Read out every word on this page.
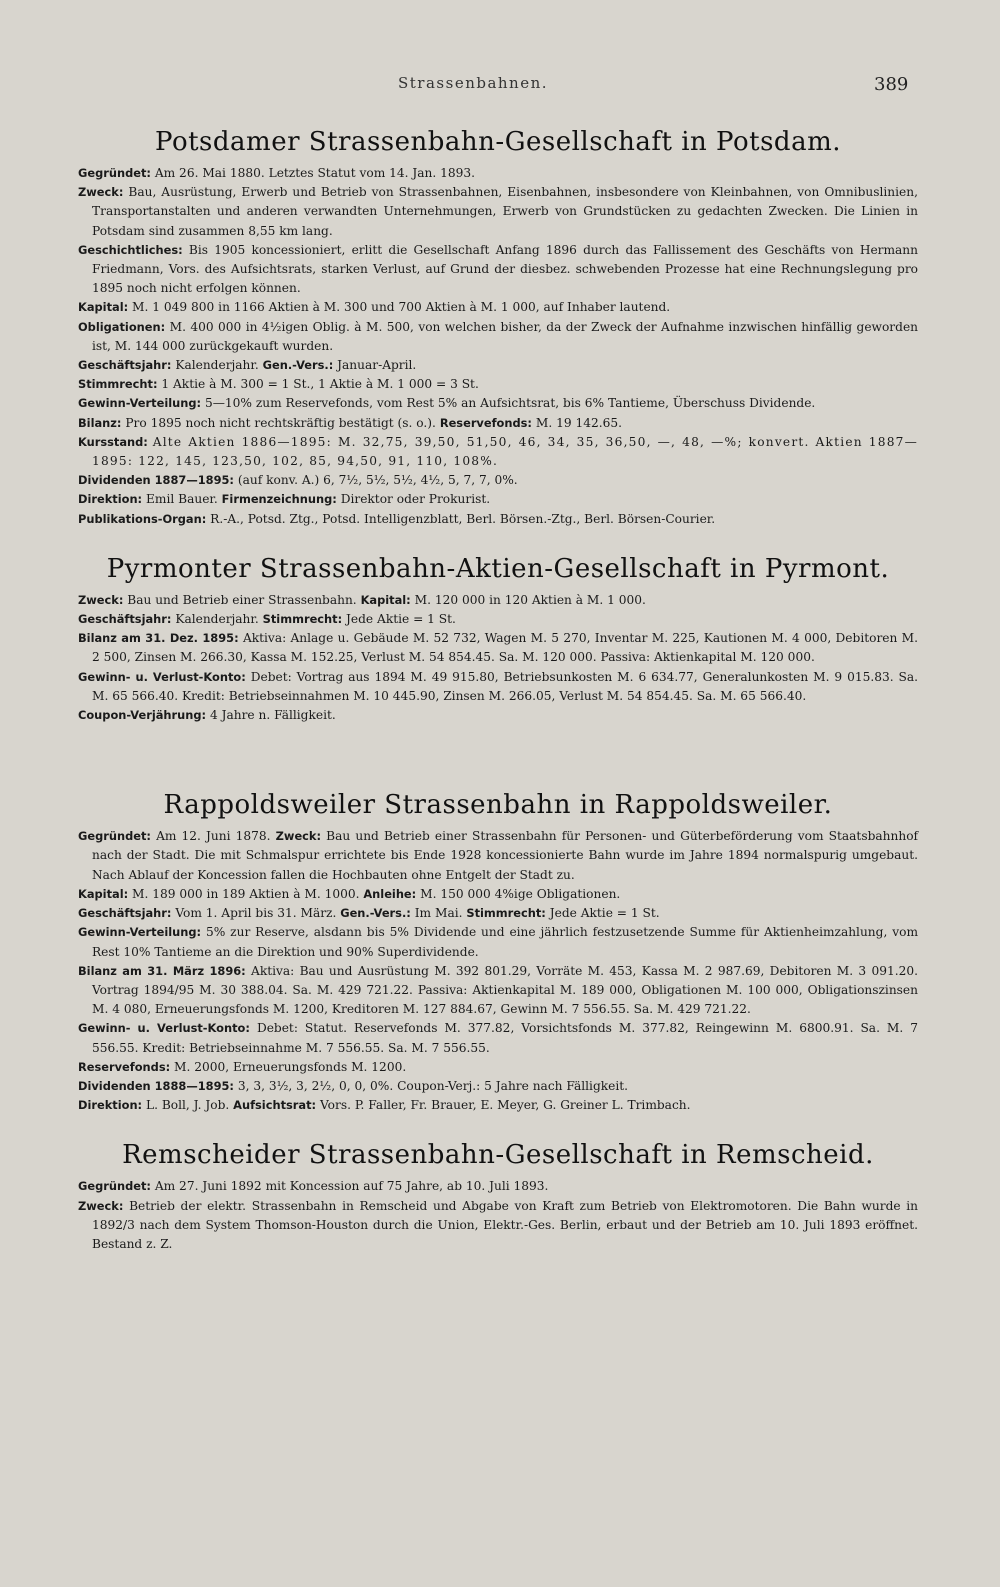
Strassenbahnen.	389
Potsdamer Strassenbahn-Gesellschaft in Potsdam.

Gegründet: Am 26. Mai 1880. Letztes Statut vom 14. Jan. 1893.

Zweck: Bau, Ausrüstung, Erwerb und Betrieb von Strassenbahnen, Eisenbahnen, insbesondere von Kleinbahnen, von Omnibuslinien, Transportanstalten und anderen verwandten Unternehmungen, Erwerb von Grundstücken zu gedachten Zwecken. Die Linien in Potsdam sind zusammen 8,55 km lang.

Geschichtliches: Bis 1905 koncessioniert, erlitt die Gesellschaft Anfang 1896 durch das Fallissement des Geschäfts von Hermann Friedmann, Vors. des Aufsichtsrats, starken Verlust, auf Grund der diesbez. schwebenden Prozesse hat eine Rechnungslegung pro 1895 noch nicht erfolgen können.

Kapital: M. 1 049 800 in 1166 Aktien à M. 300 und 700 Aktien à M. 1 000, auf Inhaber lautend.

Obligationen: M. 400 000 in 4½igen Oblig. à M. 500, von welchen bisher, da der Zweck der Aufnahme inzwischen hinfällig geworden ist, M. 144 000 zurückgekauft wurden.

Geschäftsjahr: Kalenderjahr. Gen.-Vers.: Januar-April.

Stimmrecht: 1 Aktie à M. 300 = 1 St., 1 Aktie à M. 1 000 = 3 St.

Gewinn-Verteilung: 5—10% zum Reservefonds, vom Rest 5% an Aufsichtsrat, bis 6% Tantieme, Überschuss Dividende.

Bilanz: Pro 1895 noch nicht rechtskräftig bestätigt (s. o.). Reservefonds: M. 19 142.65.

Kursstand: Alte Aktien 1886—1895: M. 32,75, 39,50, 51,50, 46, 34, 35, 36,50, —, 48, —%; konvert. Aktien 1887—1895: 122, 145, 123,50, 102, 85, 94,50, 91, 110, 108%.

Dividenden 1887—1895: (auf konv. A.) 6, 7½, 5½, 5½, 4½, 5, 7, 7, 0%.

Direktion: Emil Bauer. Firmenzeichnung: Direktor oder Prokurist.

Publikations-Organ: R.-A., Potsd. Ztg., Potsd. Intelligenzblatt, Berl. Börsen.-Ztg., Berl. Börsen-Courier.

Pyrmonter Strassenbahn-Aktien-Gesellschaft in Pyrmont.

Zweck: Bau und Betrieb einer Strassenbahn. Kapital: M. 120 000 in 120 Aktien à M. 1 000.

Geschäftsjahr: Kalenderjahr. Stimmrecht: Jede Aktie = 1 St.

Bilanz am 31. Dez. 1895: Aktiva: Anlage u. Gebäude M. 52 732, Wagen M. 5 270, Inventar M. 225, Kautionen M. 4 000, Debitoren M. 2 500, Zinsen M. 266.30, Kassa M. 152.25, Verlust M. 54 854.45. Sa. M. 120 000. Passiva: Aktienkapital M. 120 000.

Gewinn- u. Verlust-Konto: Debet: Vortrag aus 1894 M. 49 915.80, Betriebsunkosten M. 6 634.77, Generalunkosten M. 9 015.83. Sa. M. 65 566.40. Kredit: Betriebseinnahmen M. 10 445.90, Zinsen M. 266.05, Verlust M. 54 854.45. Sa. M. 65 566.40.

Coupon-Verjährung: 4 Jahre n. Fälligkeit.

Rappoldsweiler Strassenbahn in Rappoldsweiler.

Gegründet: Am 12. Juni 1878. Zweck: Bau und Betrieb einer Strassenbahn für Personen- und Güterbeförderung vom Staatsbahnhof nach der Stadt. Die mit Schmalspur errichtete bis Ende 1928 koncessionierte Bahn wurde im Jahre 1894 normalspurig umgebaut. Nach Ablauf der Koncession fallen die Hochbauten ohne Entgelt der Stadt zu.

Kapital: M. 189 000 in 189 Aktien à M. 1000. Anleihe: M. 150 000 4%ige Obligationen.

Geschäftsjahr: Vom 1. April bis 31. März. Gen.-Vers.: Im Mai. Stimmrecht: Jede Aktie = 1 St.

Gewinn-Verteilung: 5% zur Reserve, alsdann bis 5% Dividende und eine jährlich festzusetzende Summe für Aktienheimzahlung, vom Rest 10% Tantieme an die Direktion und 90% Superdividende.

Bilanz am 31. März 1896: Aktiva: Bau und Ausrüstung M. 392 801.29, Vorräte M. 453, Kassa M. 2 987.69, Debitoren M. 3 091.20. Vortrag 1894/95 M. 30 388.04. Sa. M. 429 721.22. Passiva: Aktienkapital M. 189 000, Obligationen M. 100 000, Obligationszinsen M. 4 080, Erneuerungsfonds M. 1200, Kreditoren M. 127 884.67, Gewinn M. 7 556.55. Sa. M. 429 721.22.

Gewinn- u. Verlust-Konto: Debet: Statut. Reservefonds M. 377.82, Vorsichtsfonds M. 377.82, Reingewinn M. 6800.91. Sa. M. 7 556.55. Kredit: Betriebseinnahme M. 7 556.55. Sa. M. 7 556.55.

Reservefonds: M. 2000, Erneuerungsfonds M. 1200.

Dividenden 1888—1895: 3, 3, 3½, 3, 2½, 0, 0, 0%. Coupon-Verj.: 5 Jahre nach Fälligkeit.

Direktion: L. Boll, J. Job. Aufsichtsrat: Vors. P. Faller, Fr. Brauer, E. Meyer, G. Greiner L. Trimbach.

Remscheider Strassenbahn-Gesellschaft in Remscheid.

Gegründet: Am 27. Juni 1892 mit Koncession auf 75 Jahre, ab 10. Juli 1893.

Zweck: Betrieb der elektr. Strassenbahn in Remscheid und Abgabe von Kraft zum Betrieb von Elektromotoren. Die Bahn wurde in 1892/3 nach dem System Thomson-Houston durch die Union, Elektr.-Ges. Berlin, erbaut und der Betrieb am 10. Juli 1893 eröffnet. Bestand z. Z.
